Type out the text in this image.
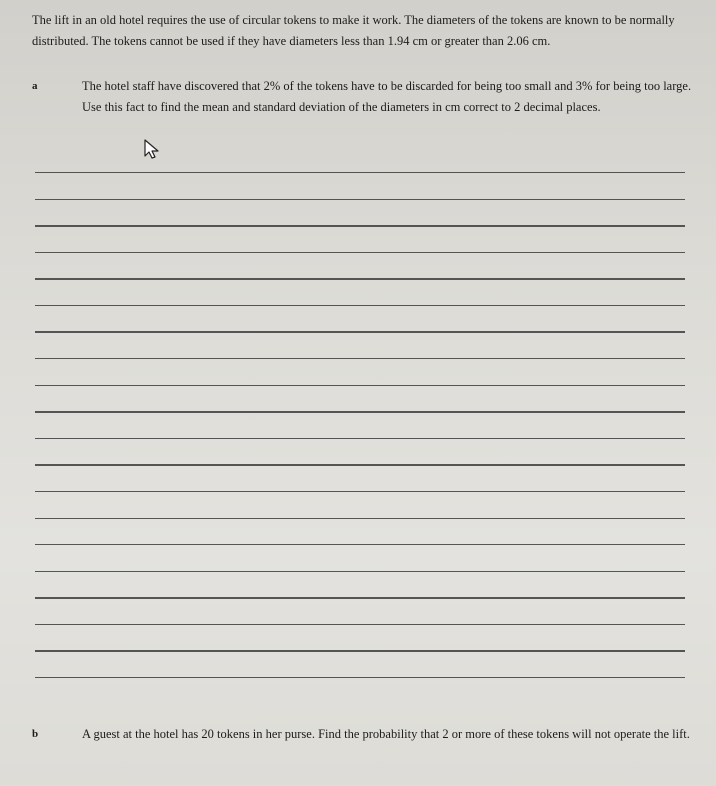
The lift in an old hotel requires the use of circular tokens to make it work. The diameters of the tokens are known to be normally distributed. The tokens cannot be used if they have diameters less than 1.94 cm or greater than 2.06 cm.
a	The hotel staff have discovered that 2% of the tokens have to be discarded for being too small and 3% for being too large. Use this fact to find the mean and standard deviation of the diameters in cm correct to 2 decimal places.
b	A guest at the hotel has 20 tokens in her purse. Find the probability that 2 or more of these tokens will not operate the lift.
